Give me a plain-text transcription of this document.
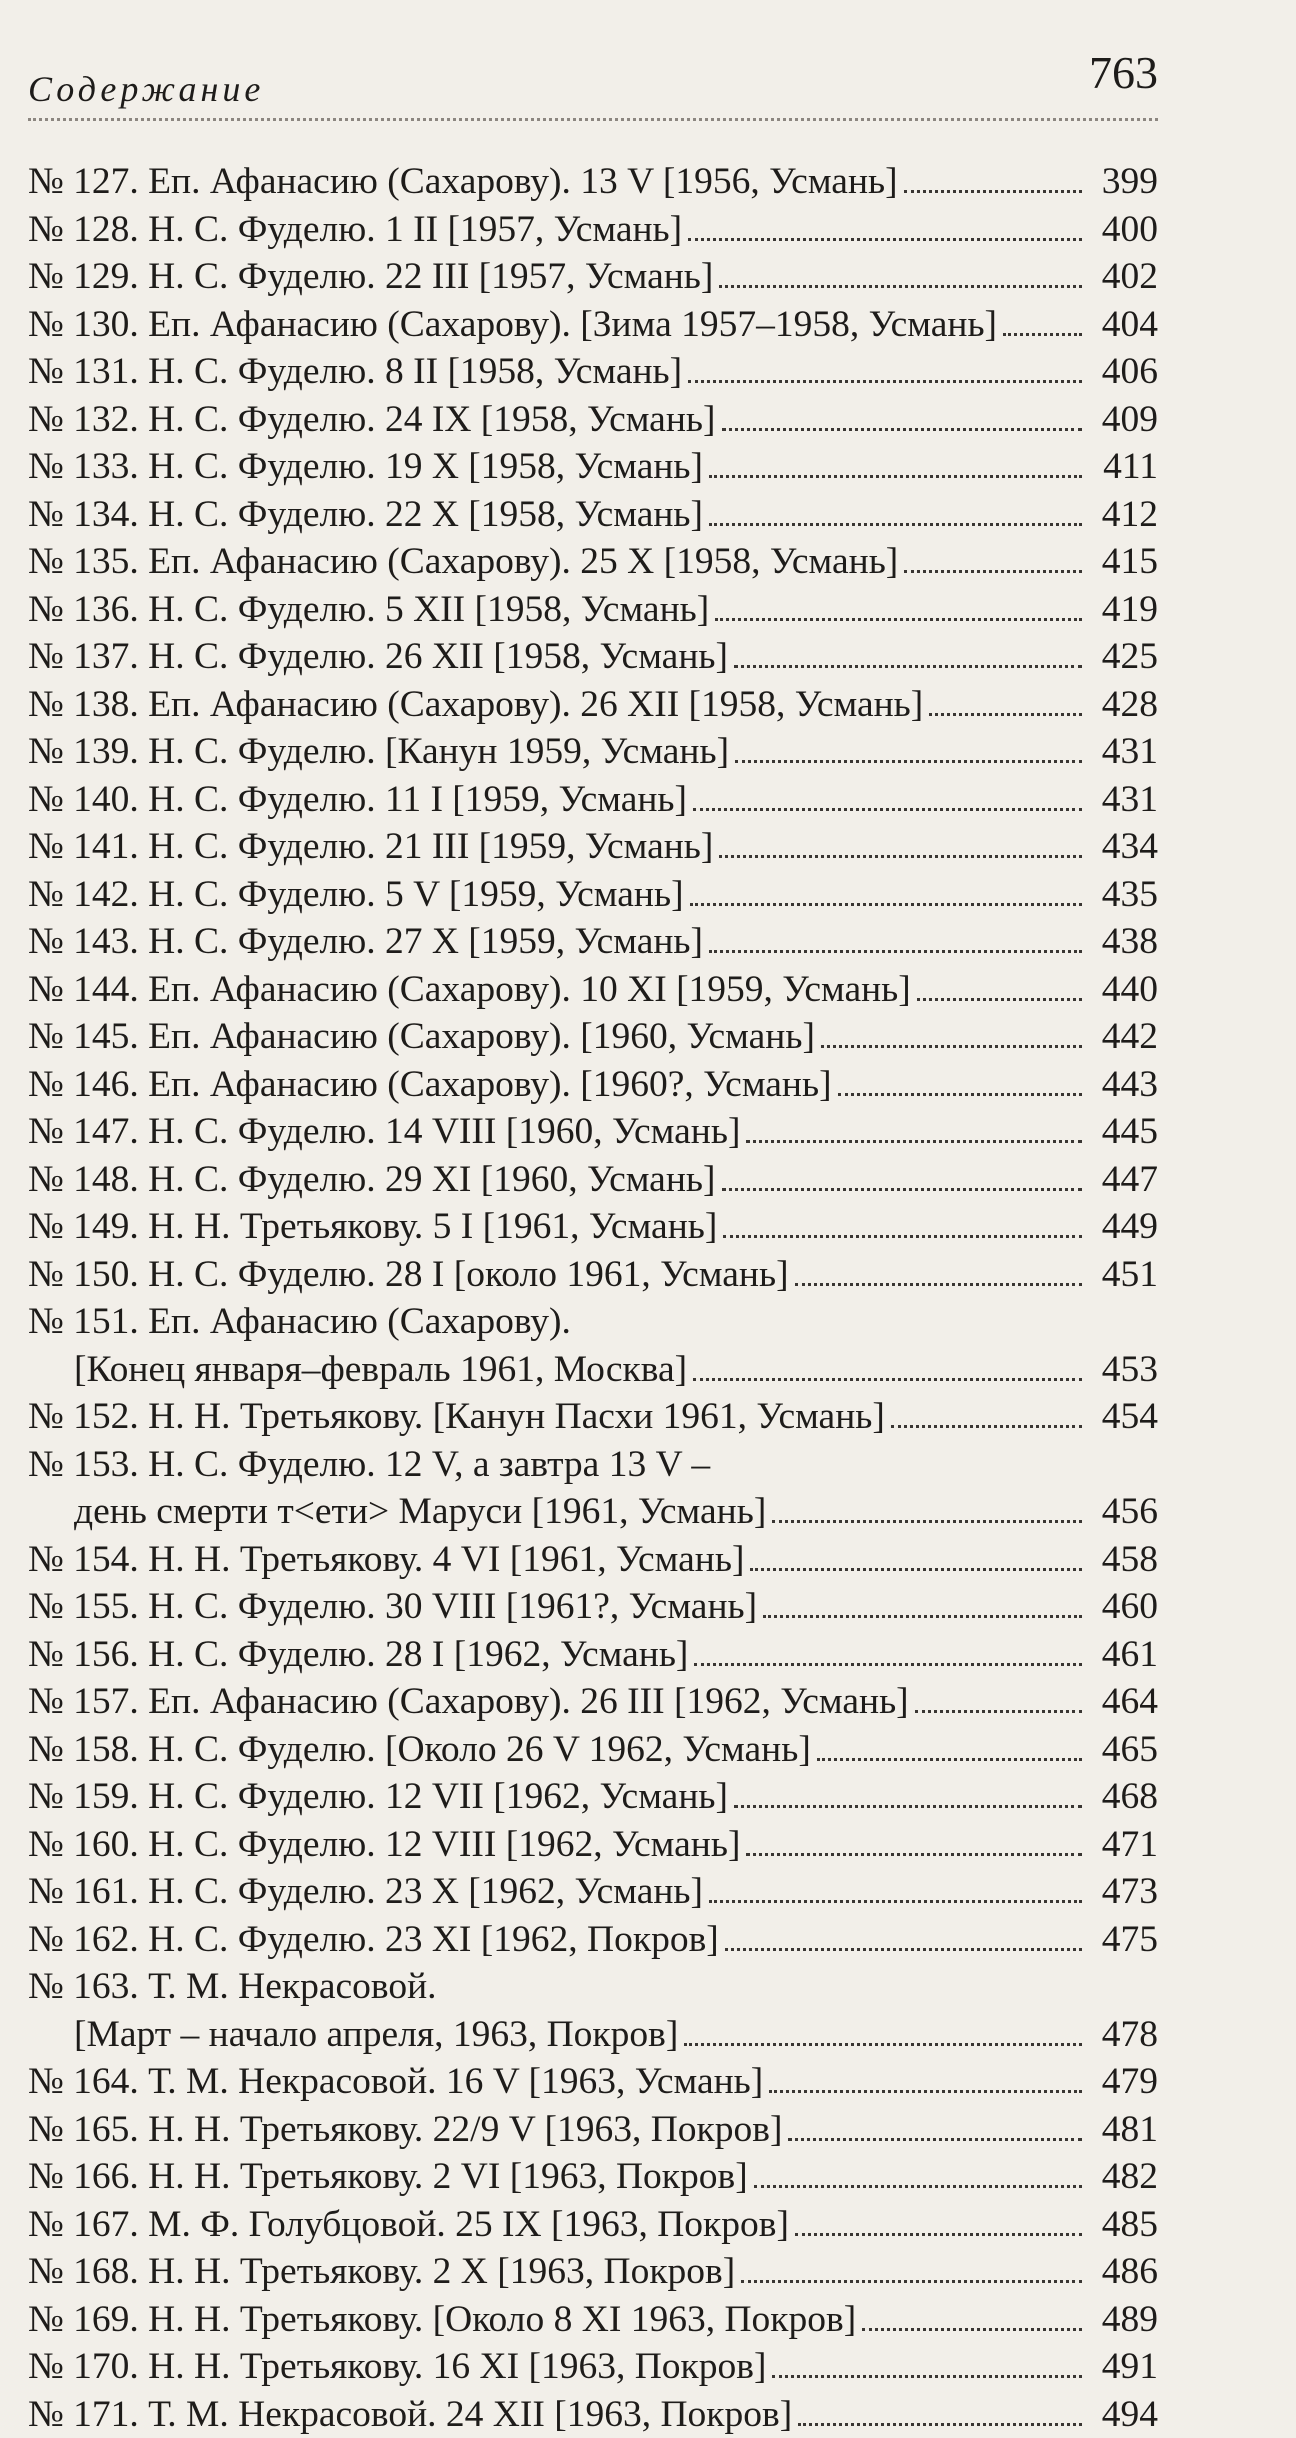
Содержание	763
№ 127. Еп. Афанасию (Сахарову). 13 V [1956, Усмань]	399
№ 128. Н. С. Фуделю. 1 II [1957, Усмань]	400
№ 129. Н. С. Фуделю. 22 III [1957, Усмань]	402
№ 130. Еп. Афанасию (Сахарову). [Зима 1957–1958, Усмань]	404
№ 131. Н. С. Фуделю. 8 II [1958, Усмань]	406
№ 132. Н. С. Фуделю. 24 IX [1958, Усмань]	409
№ 133. Н. С. Фуделю. 19 X [1958, Усмань]	411
№ 134. Н. С. Фуделю. 22 X [1958, Усмань]	412
№ 135. Еп. Афанасию (Сахарову). 25 X [1958, Усмань]	415
№ 136. Н. С. Фуделю. 5 XII [1958, Усмань]	419
№ 137. Н. С. Фуделю. 26 XII [1958, Усмань]	425
№ 138. Еп. Афанасию (Сахарову). 26 XII [1958, Усмань]	428
№ 139. Н. С. Фуделю. [Канун 1959, Усмань]	431
№ 140. Н. С. Фуделю. 11 I [1959, Усмань]	431
№ 141. Н. С. Фуделю. 21 III [1959, Усмань]	434
№ 142. Н. С. Фуделю. 5 V [1959, Усмань]	435
№ 143. Н. С. Фуделю. 27 X [1959, Усмань]	438
№ 144. Еп. Афанасию (Сахарову). 10 XI [1959, Усмань]	440
№ 145. Еп. Афанасию (Сахарову). [1960, Усмань]	442
№ 146. Еп. Афанасию (Сахарову). [1960?, Усмань]	443
№ 147. Н. С. Фуделю. 14 VIII [1960, Усмань]	445
№ 148. Н. С. Фуделю. 29 XI [1960, Усмань]	447
№ 149. Н. Н. Третьякову. 5 I [1961, Усмань]	449
№ 150. Н. С. Фуделю. 28 I [около 1961, Усмань]	451
№ 151. Еп. Афанасию (Сахарову).
[Конец января–февраль 1961, Москва]	453
№ 152. Н. Н. Третьякову. [Канун Пасхи 1961, Усмань]	454
№ 153. Н. С. Фуделю. 12 V, а завтра 13 V –
день смерти т<ети> Маруси [1961, Усмань]	456
№ 154. Н. Н. Третьякову. 4 VI [1961, Усмань]	458
№ 155. Н. С. Фуделю. 30 VIII [1961?, Усмань]	460
№ 156. Н. С. Фуделю. 28 I [1962, Усмань]	461
№ 157. Еп. Афанасию (Сахарову). 26 III [1962, Усмань]	464
№ 158. Н. С. Фуделю. [Около 26 V 1962, Усмань]	465
№ 159. Н. С. Фуделю. 12 VII [1962, Усмань]	468
№ 160. Н. С. Фуделю. 12 VIII [1962, Усмань]	471
№ 161. Н. С. Фуделю. 23 X [1962, Усмань]	473
№ 162. Н. С. Фуделю. 23 XI [1962, Покров]	475
№ 163. Т. М. Некрасовой.
[Март – начало апреля, 1963, Покров]	478
№ 164. Т. М. Некрасовой. 16 V [1963, Усмань]	479
№ 165. Н. Н. Третьякову. 22/9 V [1963, Покров]	481
№ 166. Н. Н. Третьякову. 2 VI [1963, Покров]	482
№ 167. М. Ф. Голубцовой. 25 IX [1963, Покров]	485
№ 168. Н. Н. Третьякову. 2 X [1963, Покров]	486
№ 169. Н. Н. Третьякову. [Около 8 XI 1963, Покров]	489
№ 170. Н. Н. Третьякову. 16 XI [1963, Покров]	491
№ 171. Т. М. Некрасовой. 24 XII [1963, Покров]	494
